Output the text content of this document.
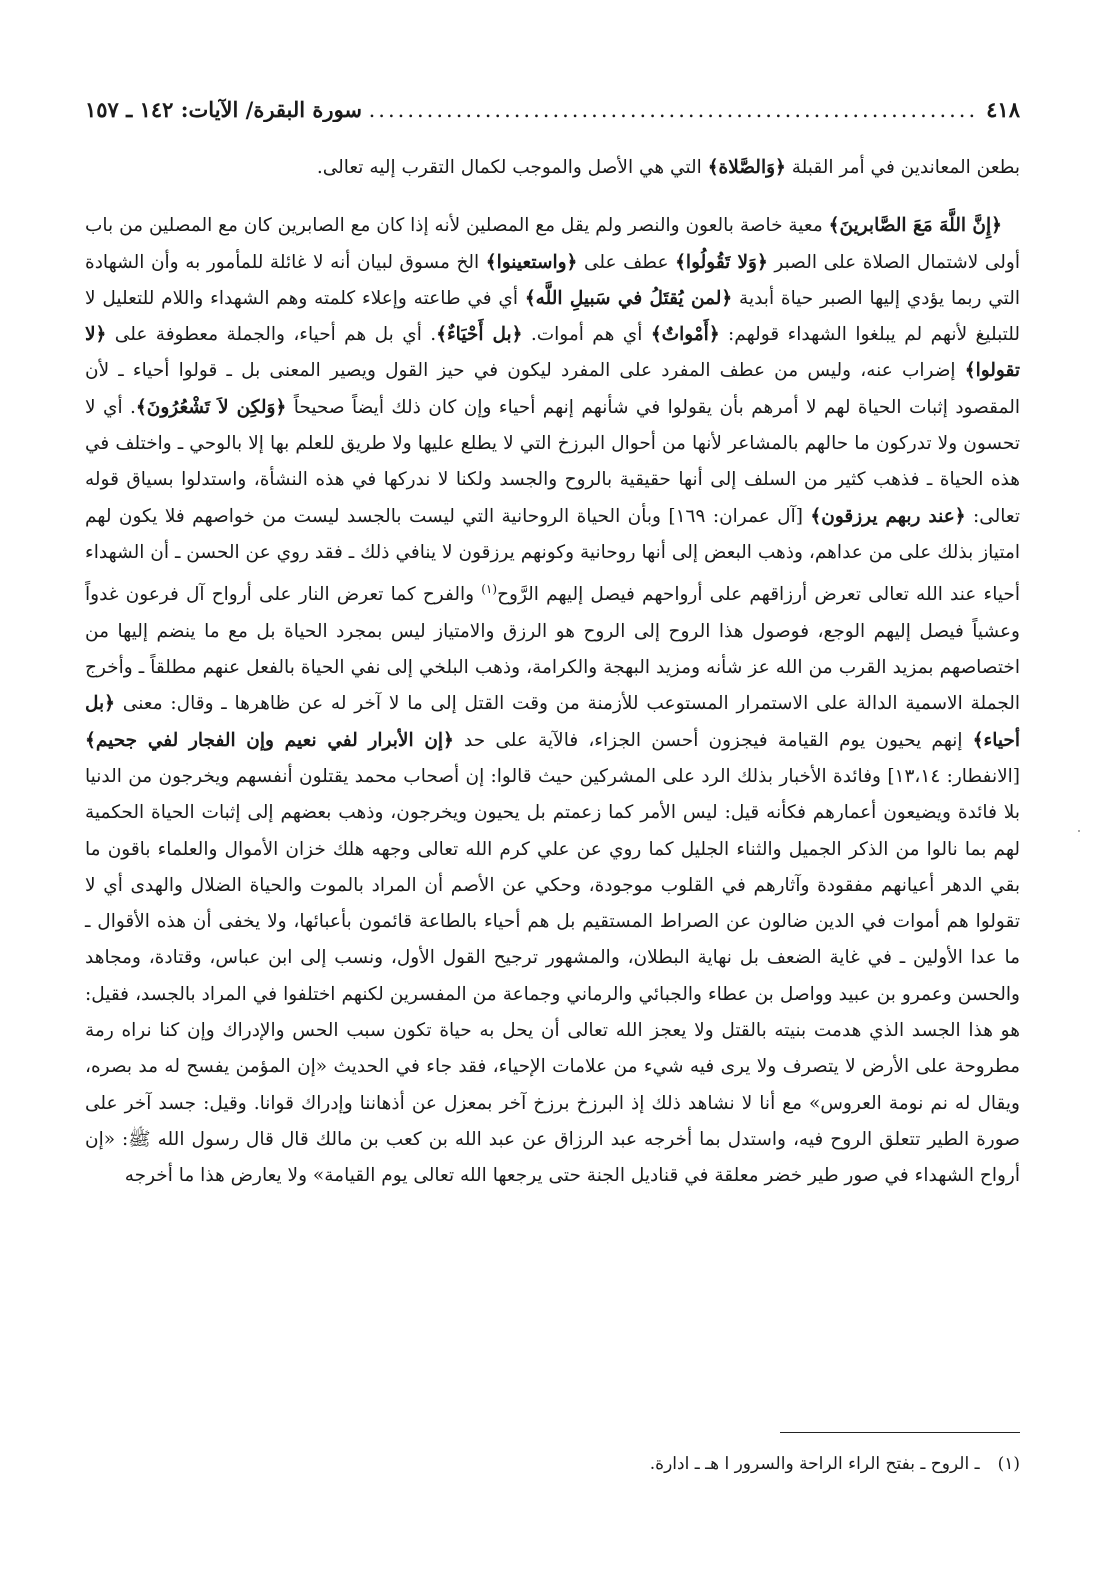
٤١٨
.....
سورة البقرة/ الآيات: ١٤٢ ـ ١٥٧

بطعن المعاندين في أمر القبلة ﴿وَالصَّلاة﴾ التي هي الأصل والموجب لكمال التقرب إليه تعالى.

﴿إِنَّ اللَّهَ مَعَ الصَّابرينَ﴾ معية خاصة بالعون والنصر ولم يقل مع المصلين لأنه إذا كان مع الصابرين كان مع المصلين من باب أولى لاشتمال الصلاة على الصبر ﴿وَلا تَقُولُوا﴾ عطف على ﴿واستعينوا﴾ الخ مسوق لبيان أنه لا غائلة للمأمور به وأن الشهادة التي ربما يؤدي إليها الصبر حياة أبدية ﴿لمن يُقتَلُ في سَبيلِ اللَّه﴾ أي في طاعته وإعلاء كلمته وهم الشهداء واللام للتعليل لا للتبليغ لأنهم لم يبلغوا الشهداء قولهم: ﴿أَمْواتٌ﴾ أي هم أموات. ﴿بل أَحْيَاءٌ﴾. أي بل هم أحياء، والجملة معطوفة على ﴿لا تقولوا﴾ إضراب عنه، وليس من عطف المفرد على المفرد ليكون في حيز القول ويصير المعنى بل ـ قولوا أحياء ـ لأن المقصود إثبات الحياة لهم لا أمرهم بأن يقولوا في شأنهم إنهم أحياء وإن كان ذلك أيضاً صحيحاً ﴿وَلكِن لاَ تَشْعُرُونَ﴾. أي لا تحسون ولا تدركون ما حالهم بالمشاعر لأنها من أحوال البرزخ التي لا يطلع عليها ولا طريق للعلم بها إلا بالوحي ـ واختلف في هذه الحياة ـ فذهب كثير من السلف إلى أنها حقيقية بالروح والجسد ولكنا لا ندركها في هذه النشأة، واستدلوا بسياق قوله تعالى: ﴿عند ربهم يرزقون﴾ [آل عمران: ١٦٩] وبأن الحياة الروحانية التي ليست بالجسد ليست من خواصهم فلا يكون لهم امتياز بذلك على من عداهم، وذهب البعض إلى أنها روحانية وكونهم يرزقون لا ينافي ذلك ـ فقد روي عن الحسن ـ أن الشهداء أحياء عند الله تعالى تعرض أرزاقهم على أرواحهم فيصل إليهم الرَّوح$^{(١)}$ والفرح كما تعرض النار على أرواح آل فرعون غدواً وعشياً فيصل إليهم الوجع، فوصول هذا الروح إلى الروح هو الرزق والامتياز ليس بمجرد الحياة بل مع ما ينضم إليها من اختصاصهم بمزيد القرب من الله عز شأنه ومزيد البهجة والكرامة، وذهب البلخي إلى نفي الحياة بالفعل عنهم مطلقاً ـ وأخرج الجملة الاسمية الدالة على الاستمرار المستوعب للأزمنة من وقت القتل إلى ما لا آخر له عن ظاهرها ـ وقال: معنى ﴿بل أحياء﴾ إنهم يحيون يوم القيامة فيجزون أحسن الجزاء، فالآية على حد ﴿إن الأبرار لفي نعيم وإن الفجار لفي جحيم﴾ [الانفطار: ١٣،١٤] وفائدة الأخبار بذلك الرد على المشركين حيث قالوا: إن أصحاب محمد يقتلون أنفسهم ويخرجون من الدنيا بلا فائدة ويضيعون أعمارهم فكأنه قيل: ليس الأمر كما زعمتم بل يحيون ويخرجون، وذهب بعضهم إلى إثبات الحياة الحكمية لهم بما نالوا من الذكر الجميل والثناء الجليل كما روي عن علي كرم الله تعالى وجهه هلك خزان الأموال والعلماء باقون ما بقي الدهر أعيانهم مفقودة وآثارهم في القلوب موجودة، وحكي عن الأصم أن المراد بالموت والحياة الضلال والهدى أي لا تقولوا هم أموات في الدين ضالون عن الصراط المستقيم بل هم أحياء بالطاعة قائمون بأعبائها، ولا يخفى أن هذه الأقوال ـ ما عدا الأولين ـ في غاية الضعف بل نهاية البطلان، والمشهور ترجيح القول الأول، ونسب إلى ابن عباس، وقتادة، ومجاهد والحسن وعمرو بن عبيد وواصل بن عطاء والجبائي والرماني وجماعة من المفسرين لكنهم اختلفوا في المراد بالجسد، فقيل: هو هذا الجسد الذي هدمت بنيته بالقتل ولا يعجز الله تعالى أن يحل به حياة تكون سبب الحس والإدراك وإن كنا نراه رمة مطروحة على الأرض لا يتصرف ولا يرى فيه شيء من علامات الإحياء، فقد جاء في الحديث «إن المؤمن يفسح له مد بصره، ويقال له نم نومة العروس» مع أنا لا نشاهد ذلك إذ البرزخ برزخ آخر بمعزل عن أذهاننا وإدراك قوانا. وقيل: جسد آخر على صورة الطير تتعلق الروح فيه، واستدل بما أخرجه عبد الرزاق عن عبد الله بن كعب بن مالك قال قال رسول الله ﷺ: «إن أرواح الشهداء في صور طير خضر معلقة في قناديل الجنة حتى يرجعها الله تعالى يوم القيامة» ولا يعارض هذا ما أخرجه

(١)ـ الروح ـ بفتح الراء الراحة والسرور ا هـ ـ ادارة.
